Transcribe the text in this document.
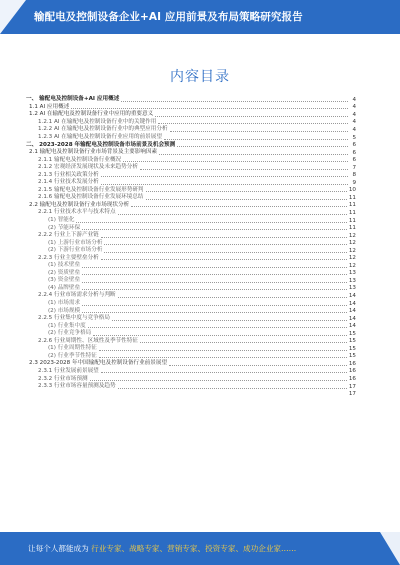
输配电及控制设备企业+AI 应用前景及布局策略研究报告
内容目录
一、 输配电及控制设备+AI 应用概述	4
1.1 AI 应用概述	4
1.2 AI 在输配电及控制设备行业中应用的重要意义	4
1.2.1 AI 在输配电及控制设备行业中的关键作用	4
1.2.2 AI 在输配电及控制设备行业中的典型应用分析	4
1.2.3 AI 在输配电及控制设备行业应用的前景展望	5
二、 2023-2028 年输配电及控制设备市场前景及机会预测	6
2.1 输配电及控制设备行业市场背景及主要影响因素	6
2.1.1 输配电及控制设备行业概况	6
2.1.2 宏观经济发展现状及未来趋势分析	7
2.1.3 行业相关政策分析	8
2.1.4 行业技术发展分析	9
2.1.5 输配电及控制设备行业发展形势研判	10
2.1.6 输配电及控制设备行业发展环境总结	11
2.2 输配电及控制设备行业市场现状分析	11
2.2.1 行业技术水平与技术特点	11
(1) 智能化	11
(2) 节能环保	11
2.2.2 行业上下游产业链	12
(1) 上游行业市场分析	12
(2) 下游行业市场分析	12
2.2.3 行业主要壁垒分析	12
(1) 技术壁垒	12
(2) 资质壁垒	13
(3) 资金壁垒	13
(4) 品牌壁垒	13
2.2.4 行业市场需求分析与判断	14
(1) 市场需求	14
(2) 市场规模	14
2.2.5 行业集中度与竞争格局	14
(1) 行业集中度	14
(2) 行业竞争格局	15
2.2.6 行业周期性、区域性及季节性特征	15
(1) 行业周期性特征	15
(2) 行业季节性特征	15
2.3 2023-2028 年中国输配电及控制设备行业前景展望	16
2.3.1 行业发展前景展望	16
2.3.2 行业市场预测	16
2.3.3 行业市场容量预测及趋势	17
17
让每个人都能成为 行业专家、战略专家、营销专家、投资专家、成功企业家……
